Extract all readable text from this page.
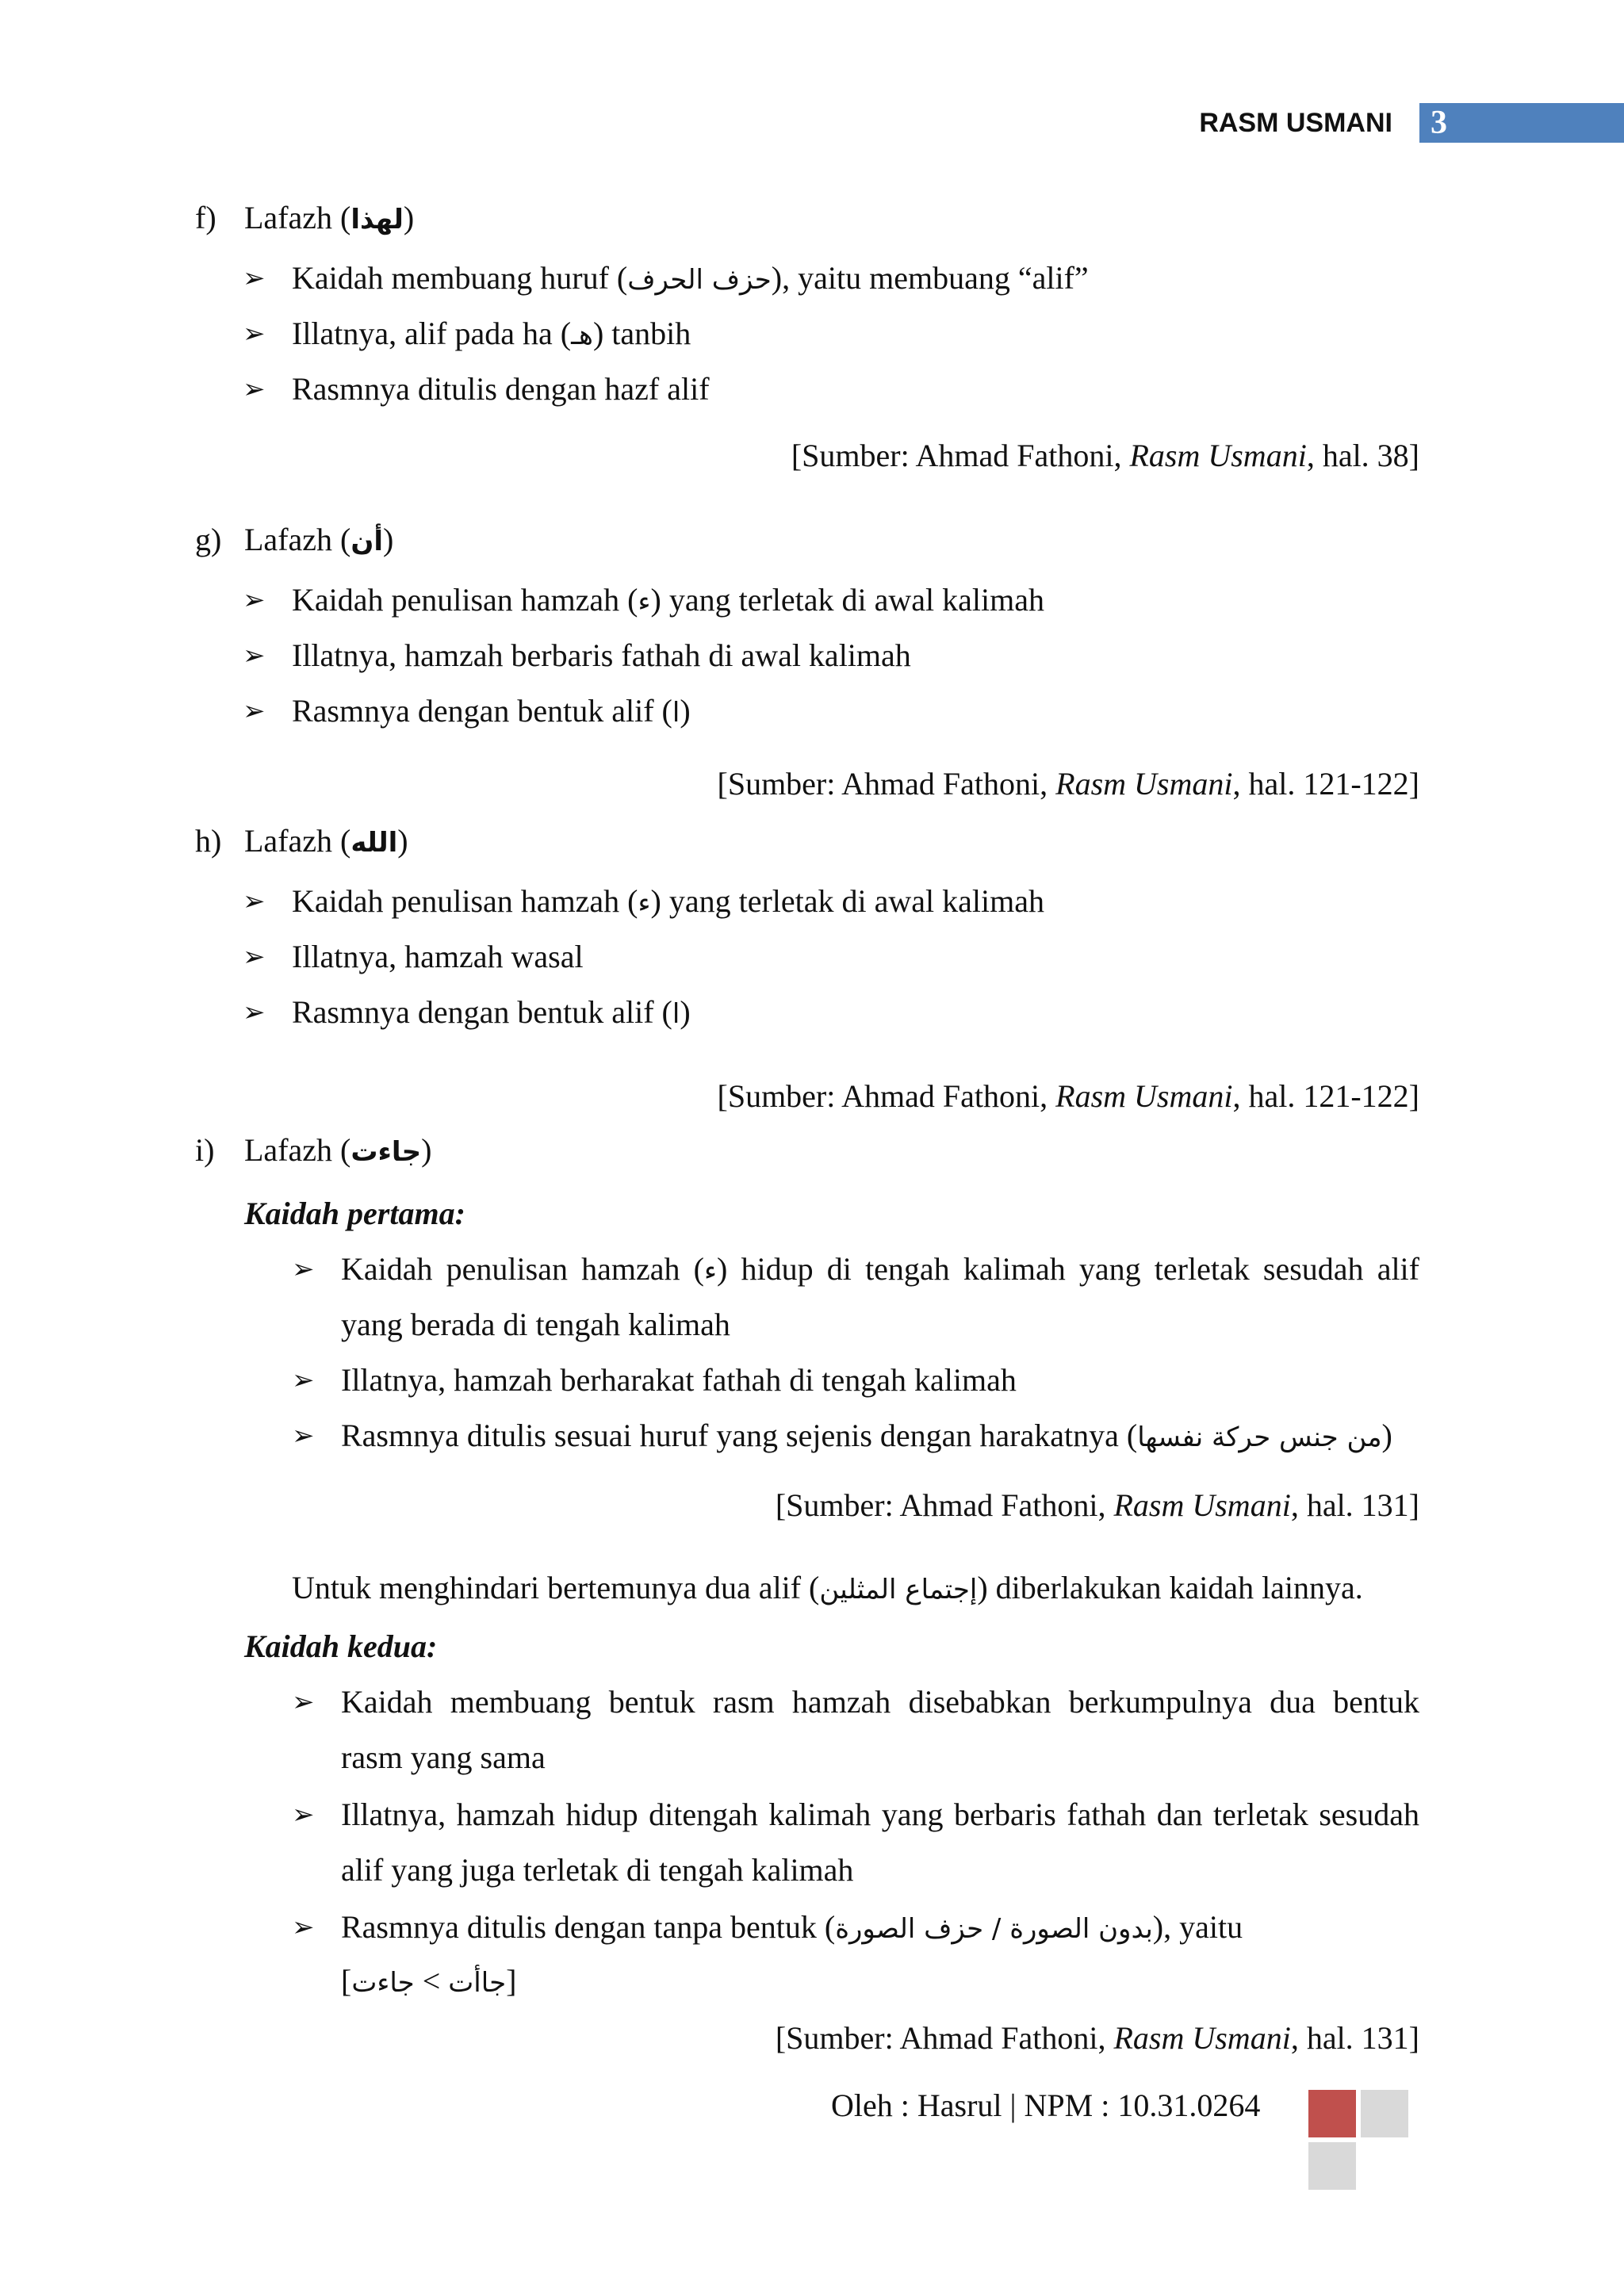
RASM USMANI 3
f) Lafazh (لهذا)
➢ Kaidah membuang huruf (حزف الحرف), yaitu membuang “alif”
➢ Illatnya, alif pada ha (هـ) tanbih
➢ Rasmnya ditulis dengan hazf alif
[Sumber: Ahmad Fathoni, Rasm Usmani, hal. 38]
g) Lafazh (أن)
➢ Kaidah penulisan hamzah (ء) yang terletak di awal kalimah
➢ Illatnya, hamzah berbaris fathah di awal kalimah
➢ Rasmnya dengan bentuk alif (ا)
[Sumber: Ahmad Fathoni, Rasm Usmani, hal. 121-122]
h) Lafazh (الله)
➢ Kaidah penulisan hamzah (ء) yang terletak di awal kalimah
➢ Illatnya, hamzah wasal
➢ Rasmnya dengan bentuk alif (ا)
[Sumber: Ahmad Fathoni, Rasm Usmani, hal. 121-122]
i) Lafazh (جاءت)
Kaidah pertama:
➢ Kaidah penulisan hamzah (ء) hidup di tengah kalimah yang terletak sesudah alif
yang berada di tengah kalimah
➢ Illatnya, hamzah berharakat fathah di tengah kalimah
➢ Rasmnya ditulis sesuai huruf yang sejenis dengan harakatnya (من جنس حركة نفسها)
[Sumber: Ahmad Fathoni, Rasm Usmani, hal. 131]
Untuk menghindari bertemunya dua alif (إجتماع المثلين) diberlakukan kaidah lainnya.
Kaidah kedua:
➢ Kaidah membuang bentuk rasm hamzah disebabkan berkumpulnya dua bentuk
rasm yang sama
➢ Illatnya, hamzah hidup ditengah kalimah yang berbaris fathah dan terletak sesudah
alif yang juga terletak di tengah kalimah
➢ Rasmnya ditulis dengan tanpa bentuk (بدون الصورة / حزف الصورة), yaitu
[جاءت < جاأت]
[Sumber: Ahmad Fathoni, Rasm Usmani, hal. 131]
Oleh : Hasrul | NPM : 10.31.0264
